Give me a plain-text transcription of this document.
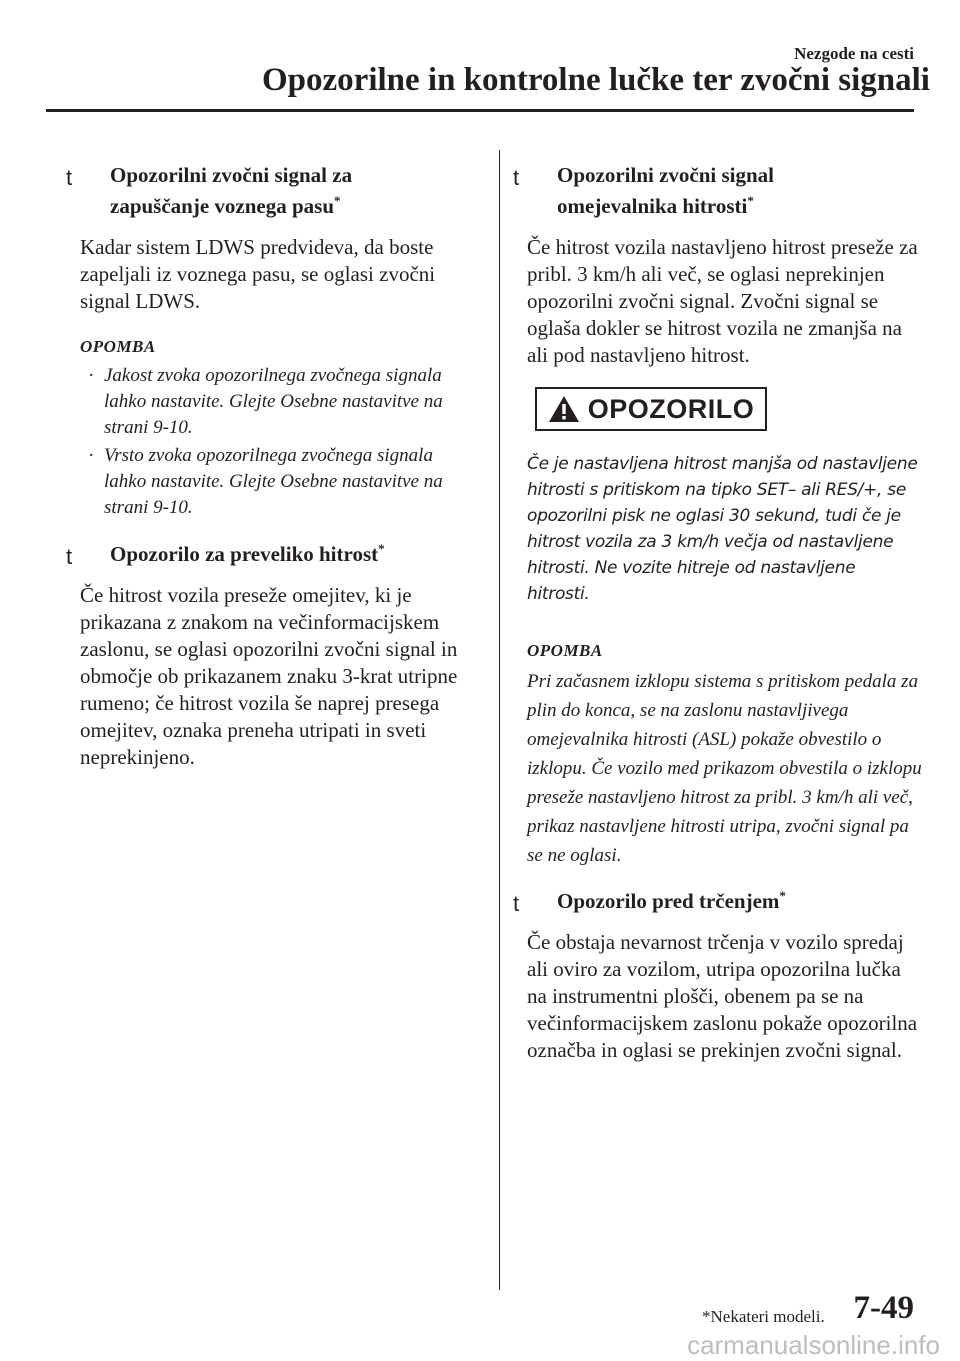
Nezgode na cesti
Opozorilne in kontrolne lučke ter zvočni signali
t Opozorilni zvočni signal za
zapuščanje voznega pasu*

Kadar sistem LDWS predvideva, da boste zapeljali iz voznega pasu, se oglasi zvočni signal LDWS.

OPOMBA
· Jakost zvoka opozorilnega zvočnega signala lahko nastavite. Glejte Osebne nastavitve na strani 9-10.
· Vrsto zvoka opozorilnega zvočnega signala lahko nastavite. Glejte Osebne nastavitve na strani 9-10.
t Opozorilo za preveliko hitrost*

Če hitrost vozila preseže omejitev, ki je prikazana z znakom na večinformacijskem zaslonu, se oglasi opozorilni zvočni signal in območje ob prikazanem znaku 3-krat utripne rumeno; če hitrost vozila še naprej presega omejitev, oznaka preneha utripati in sveti neprekinjeno.

t Opozorilni zvočni signal
omejevalnika hitrosti*

Če hitrost vozila nastavljeno hitrost preseže za pribl. 3 km/h ali več, se oglasi neprekinjen opozorilni zvočni signal. Zvočni signal se oglaša dokler se hitrost vozila ne zmanjša na ali pod nastavljeno hitrost.

OPOZORILO

Če je nastavljena hitrost manjša od nastavljene hitrosti s pritiskom na tipko SET– ali RES/+, se opozorilni pisk ne oglasi 30 sekund, tudi če je hitrost vozila za 3 km/h večja od nastavljene hitrosti. Ne vozite hitreje od nastavljene hitrosti.

OPOMBA

Pri začasnem izklopu sistema s pritiskom pedala za plin do konca, se na zaslonu nastavljivega omejevalnika hitrosti (ASL) pokaže obvestilo o izklopu. Če vozilo med prikazom obvestila o izklopu preseže nastavljeno hitrost za pribl. 3 km/h ali več, prikaz nastavljene hitrosti utripa, zvočni signal pa se ne oglasi.

t Opozorilo pred trčenjem*

Če obstaja nevarnost trčenja v vozilo spredaj ali oviro za vozilom, utripa opozorilna lučka na instrumentni plošči, obenem pa se na večinformacijskem zaslonu pokaže opozorilna označba in oglasi se prekinjen zvočni signal.

*Nekateri modeli. 7-49
carmanualsonline.info
